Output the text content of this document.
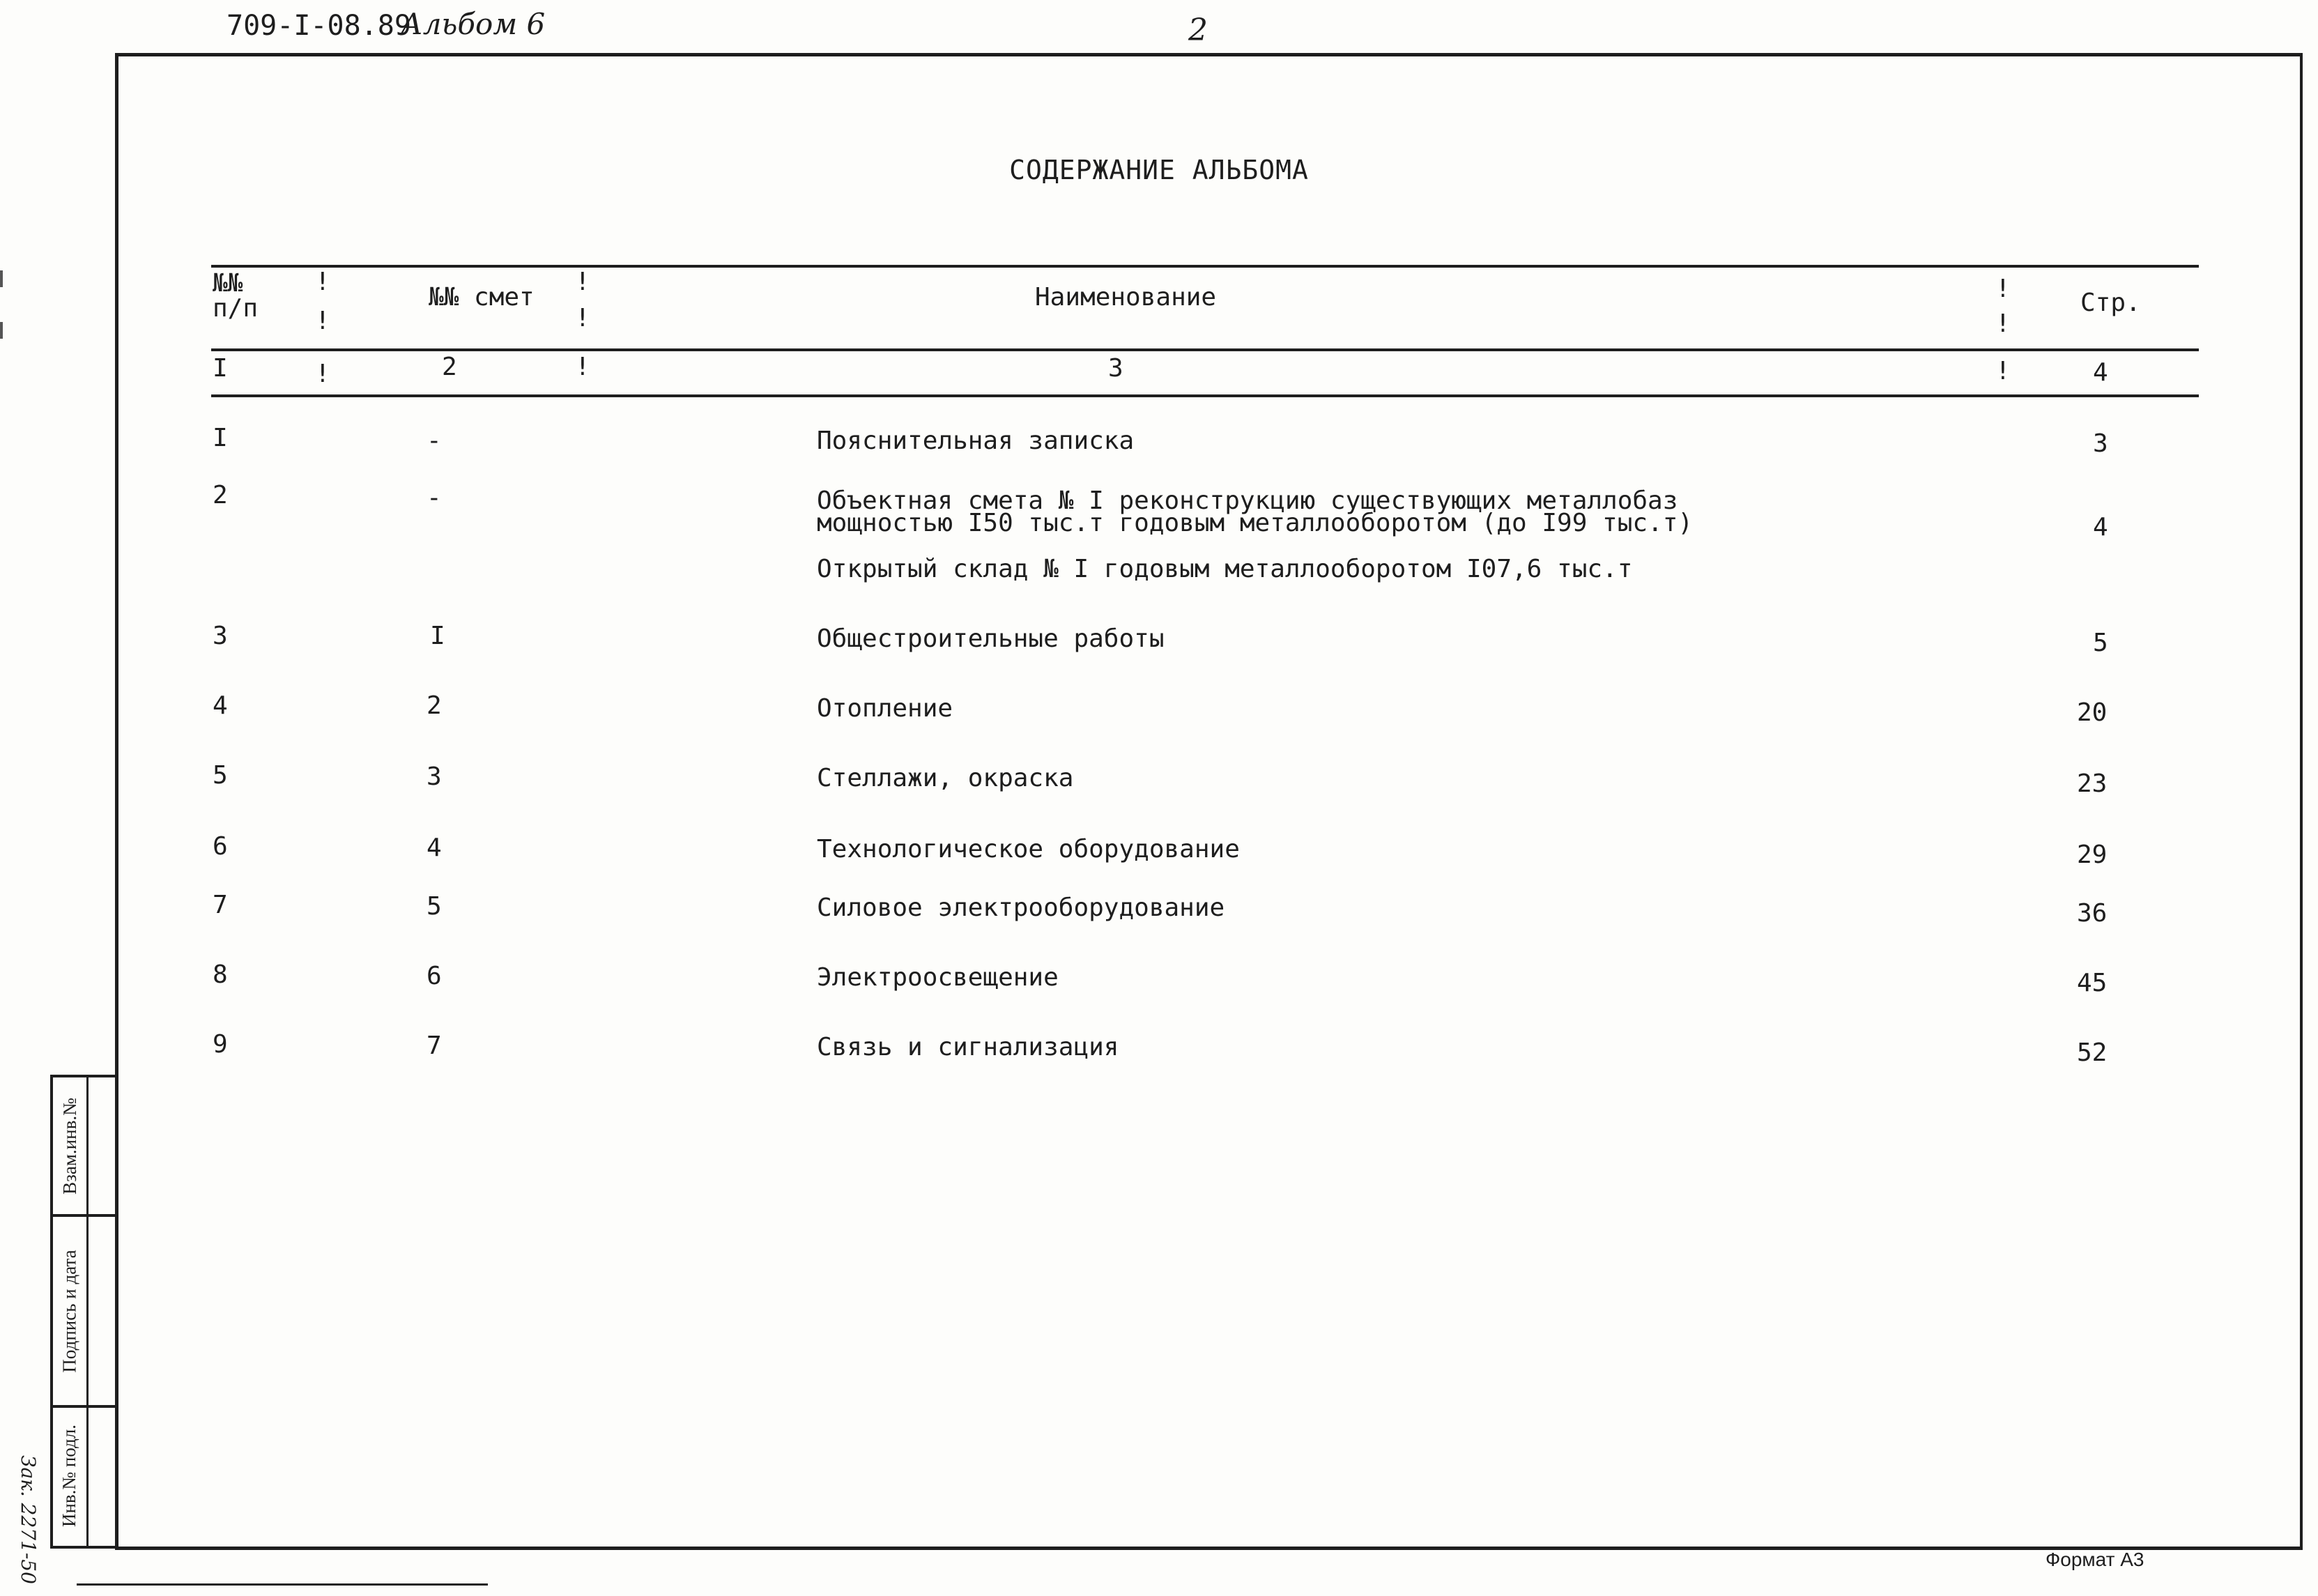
709-I-08.89
Альбом 6	2
СОДЕРЖАНИЕ АЛЬБОМА
№№
п/п	№№ смет	Наименование	Стр.
!
!
!
!
!
!
I	!	2	!	3	!	4
I	-	Пояснительная записка	3
2	-	Объектная смета № I реконструкцию существующих металлобаз
мощностью I50 тыс.т годовым металлооборотом (до I99 тыс.т)	4
Открытый склад № I годовым металлооборотом I07,6 тыс.т
3	I	Общестроительные работы	5
4	2	Отопление	20
5	3	Стеллажи, окраска	23
6	4	Технологическое оборудование	29
7	5	Силовое электрооборудование	36
8	6	Электроосвещение	45
9	7	Связь и сигнализация	52
Взам.инв.№
Подпись и дата
Инв.№ подл.
Зак. 2271-50	Формат А3
